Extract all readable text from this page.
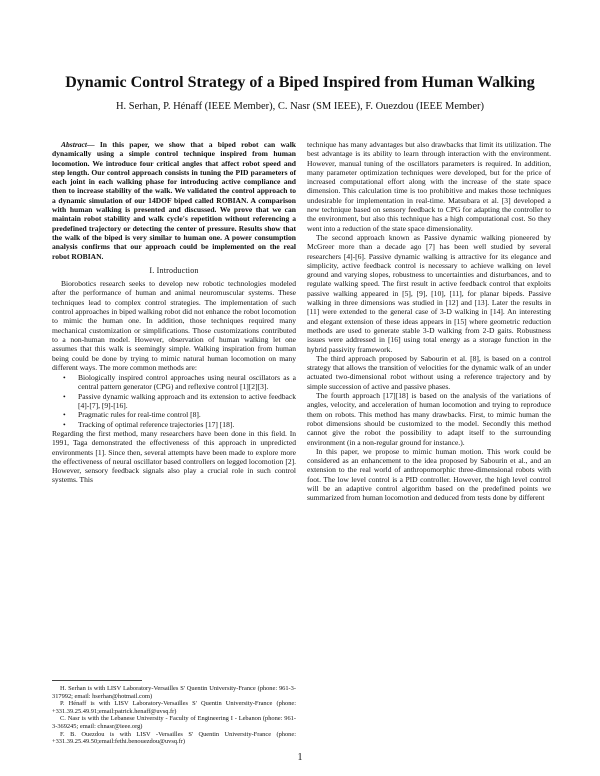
Dynamic Control Strategy of a Biped Inspired from Human Walking
H. Serhan, P. Hénaff (IEEE Member), C. Nasr (SM IEEE), F. Ouezdou (IEEE Member)

Abstract— In this paper, we show that a biped robot can walk dynamically using a simple control technique inspired from human locomotion. We introduce four critical angles that affect robot speed and step length. Our control approach consists in tuning the PID parameters of each joint in each walking phase for introducing active compliance and then to increase stability of the walk. We validated the control approach to a dynamic simulation of our 14DOF biped called ROBIAN. A comparison with human walking is presented and discussed. We prove that we can maintain robot stability and walk cycle's repetition without referencing a predefined trajectory or detecting the center of pressure. Results show that the walk of the biped is very similar to human one. A power consumption analysis confirms that our approach could be implemented on the real robot ROBIAN.

I. Introduction

Biorobotics research seeks to develop new robotic technologies modeled after the performance of human and animal neuromuscular systems. These techniques lead to complex control strategies. The implementation of such control approaches in biped walking robot did not enhance the robot locomotion to mimic the human one. In addition, those techniques required many mechanical customization or simplifications. Those customizations contributed to a non-human model. However, observation of human walking let one assumes that this walk is seemingly simple. Walking inspiration from human being could be done by trying to mimic natural human locomotion on many different ways. The more common methods are:

• Biologically inspired control approaches using neural oscillators as a central pattern generator (CPG) and reflexive control [1][2][3].
• Passive dynamic walking approach and its extension to active feedback [4]-[7], [9]-[16].
• Pragmatic rules for real-time control [8].
• Tracking of optimal reference trajectories [17] [18].

Regarding the first method, many researchers have been done in this field. In 1991, Taga demonstrated the effectiveness of this approach in unpredicted environments [1]. Since then, several attempts have been made to explore more the effectiveness of neural oscillator based controllers on legged locomotion [2]. However, sensory feedback signals also play a crucial role in such control systems. This

technique has many advantages but also drawbacks that limit its utilization. The best advantage is its ability to learn through interaction with the environment. However, manual tuning of the oscillators parameters is required. In addition, many parameter optimization techniques were developed, but for the price of increased computational effort along with the increase of the state space dimension. This calculation time is too prohibitive and makes those techniques undesirable for implementation in real-time. Matsubara et al. [3] developed a new technique based on sensory feedback to CPG for adapting the controller to the environment, but also this technique has a high computational cost. So they went into a reduction of the state space dimensionality.

The second approach known as Passive dynamic walking pioneered by McGreer more than a decade ago [7] has been well studied by several researchers [4]-[6]. Passive dynamic walking is attractive for its elegance and simplicity, active feedback control is necessary to achieve walking on level ground and varying slopes, robustness to uncertainties and disturbances, and to regulate walking speed. The first result in active feedback control that exploits passive walking appeared in [5], [9], [10], [11], for planar bipeds. Passive walking in three dimensions was studied in [12] and [13]. Later the results in [11] were extended to the general case of 3-D walking in [14]. An interesting and elegant extension of these ideas appears in [15] where geometric reduction methods are used to generate stable 3-D walking from 2-D gaits. Robustness issues were addressed in [16] using total energy as a storage function in the hybrid passivity framework.

The third approach proposed by Sabourin et al. [8], is based on a control strategy that allows the transition of velocities for the dynamic walk of an under actuated two-dimensional robot without using a reference trajectory and by simple succession of active and passive phases.

The fourth approach [17][18] is based on the analysis of the variations of angles, velocity, and acceleration of human locomotion and trying to reproduce them on robots. This method has many drawbacks. First, to mimic human the robot dimensions should be customized to the model. Secondly this method cannot give the robot the possibility to adapt itself to the surrounding environment (in a non-regular ground for instance.).

In this paper, we propose to mimic human motion. This work could be considered as an enhancement to the idea proposed by Sabourin et al., and an extension to the real world of anthropomorphic three-dimensional robots with foot. The low level control is a PID controller. However, the high level control will be an adaptive control algorithm based on the predefined points we summarized from human locomotion and deduced from tests done by different

H. Serhan is with LISV Laboratory-Versailles S' Quentin University-France (phone: 961-3-317992; email: hserhan@hotmail.com)

P. Hénaff is with LISV Laboratory-Versailles S' Quentin University-France (phone: +331.39.25.49.91;email:patrick.henaff@uvsq.fr)

C. Nasr is with the Lebanese University - Faculty of Engineering I - Lebanon (phone: 961-3-369245; email: chnasr@ieee.org)

F. B. Ouezdou is with LISV -Versailles S' Quentin University-France (phone: +331.39.25.49.50;email:fethi.benouezdou@uvsq.fr)

1
